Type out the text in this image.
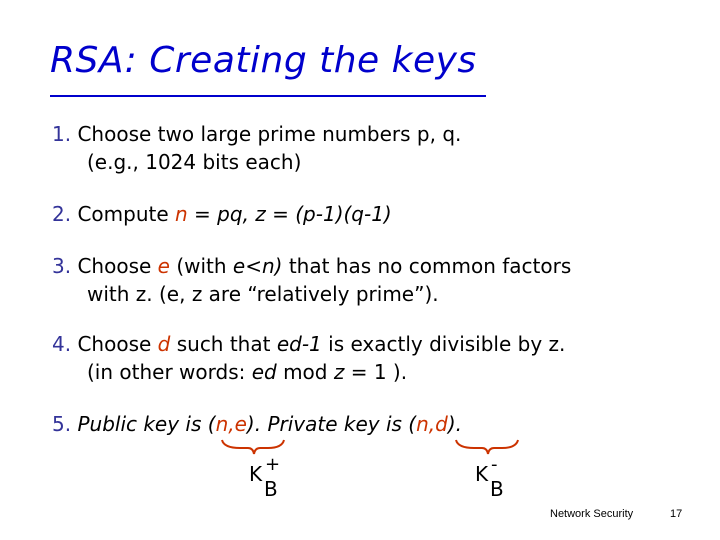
RSA: Creating the keys
1. Choose two large prime numbers p, q.
(e.g., 1024 bits each)
2. Compute n = pq, z = (p-1)(q-1)
3. Choose e (with e<n) that has no common factors
with z. (e, z are “relatively prime”).
4. Choose d such that ed-1 is exactly divisible by z.
(in other words: ed mod z = 1 ).
5. Public key is (n,e). Private key is (n,d).
K +
B
K -
B
Network Security	17
